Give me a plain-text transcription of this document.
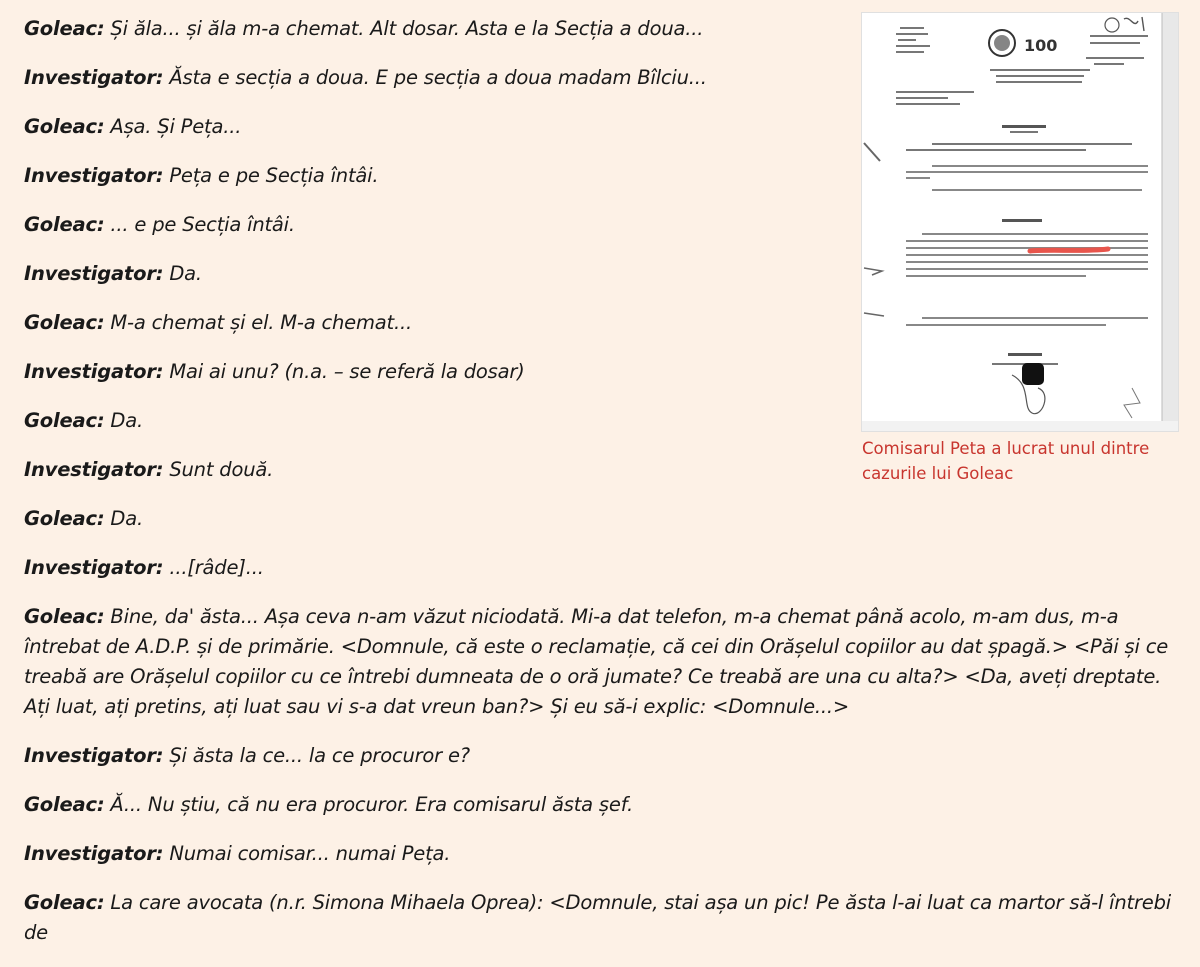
Goleac: Și ăla... și ăla m-a chemat. Alt dosar. Asta e la Secția a doua...

Investigator: Ăsta e secția a doua. E pe secția a doua madam Bîlciu...

Goleac: Așa. Și Peța...

Investigator: Peța e pe Secția întâi.

Goleac: ... e pe Secția întâi.

Investigator: Da.

Goleac: M-a chemat și el. M-a chemat...

Investigator: Mai ai unu? (n.a. – se referă la dosar)

Goleac: Da.

Investigator: Sunt două.

Goleac: Da.

Investigator: ...[râde]...

Goleac: Bine, da' ăsta... Așa ceva n-am văzut niciodată. Mi-a dat telefon, m-a chemat până acolo, m-am dus, m-a întrebat de A.D.P. și de primărie. <Domnule, că este o reclamație, că cei din Orășelul copiilor au dat șpagă.> <Păi și ce treabă are Orășelul copiilor cu ce întrebi dumneata de o oră jumate? Ce treabă are una cu alta?> <Da, aveți dreptate. Ați luat, ați pretins, ați luat sau vi s-a dat vreun ban?> Și eu să-i explic: <Domnule...>

Investigator: Și ăsta la ce... la ce procuror e?

Goleac: Ă... Nu știu, că nu era procuror. Era comisarul ăsta șef.

Investigator: Numai comisar... numai Peța.

Goleac: La care avocata (n.r. Simona Mihaela Oprea): <Domnule, stai așa un pic! Pe ăsta l-ai luat ca martor să-l întrebi de

100
Comisarul Peta a lucrat unul dintre cazurile lui Goleac
